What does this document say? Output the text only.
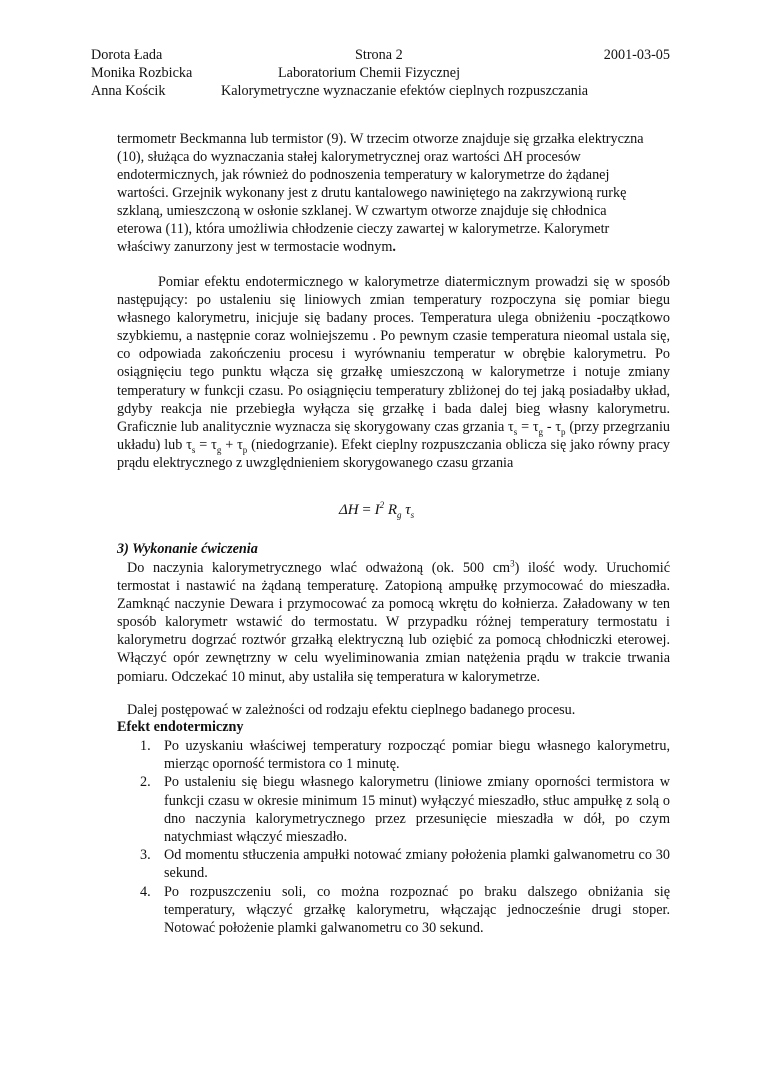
Dorota Łada	Strona 2	2001-03-05
Monika Rozbicka	Laboratorium Chemii Fizycznej
Anna Kościk	Kalorymetryczne wyznaczanie efektów cieplnych rozpuszczania

termometr Beckmanna lub termistor (9). W trzecim otworze znajduje się grzałka elektryczna
(10), służąca do wyznaczania stałej kalorymetrycznej oraz wartości ΔH procesów
endotermicznych, jak również do podnoszenia temperatury w kalorymetrze do żądanej
wartości. Grzejnik wykonany jest z drutu kantalowego nawiniętego na zakrzywioną rurkę
szklaną, umieszczoną w osłonie szklanej. W czwartym otworze znajduje się chłodnica
eterowa (11), która umożliwia chłodzenie cieczy zawartej w kalorymetrze. Kalorymetr
właściwy zanurzony jest w termostacie wodnym.

Pomiar efektu endotermicznego w kalorymetrze diatermicznym prowadzi się w sposób następujący: po ustaleniu się liniowych zmian temperatury rozpoczyna się pomiar biegu własnego kalorymetru, inicjuje się badany proces. Temperatura ulega obniżeniu -początkowo szybkiemu, a następnie coraz wolniejszemu . Po pewnym czasie temperatura nieomal ustala się, co odpowiada zakończeniu procesu i wyrównaniu temperatur w obrębie kalorymetru. Po osiągnięciu tego punktu włącza się grzałkę umieszczoną w kalorymetrze i notuje zmiany temperatury w funkcji czasu. Po osiągnięciu temperatury zbliżonej do tej jaką posiadałby układ, gdyby reakcja nie przebiegła wyłącza się grzałkę i bada dalej bieg własny kalorymetru. Graficznie lub analitycznie wyznacza się skorygowany czas grzania $\tau_s = \tau_g - \tau_p$ (przy przegrzaniu układu) lub $\tau_s = \tau_g + \tau_p$ (niedogrzanie). Efekt cieplny rozpuszczania oblicza się jako równy pracy prądu elektrycznego z uwzględnieniem skorygowanego czasu grzania

$\Delta H = I^2$ $R_g$ $\tau_s$

3) Wykonanie ćwiczenia

Do naczynia kalorymetrycznego wlać odważoną (ok. 500 $cm^3$) ilość wody. Uruchomić termostat i nastawić na żądaną temperaturę. Zatopioną ampułkę przymocować do mieszadła. Zamknąć naczynie Dewara i przymocować za pomocą wkrętu do kołnierza. Załadowany w ten sposób kalorymetr wstawić do termostatu. W przypadku różnej temperatury termostatu i kalorymetru dogrzać roztwór grzałką elektryczną lub oziębić za pomocą chłodniczki eterowej. Włączyć opór zewnętrzny w celu wyeliminowania zmian natężenia prądu w trakcie trwania pomiaru. Odczekać 10 minut, aby ustaliła się temperatura w kalorymetrze.

Dalej postępować w zależności od rodzaju efektu cieplnego badanego procesu.

Efekt endotermiczny

1. Po uzyskaniu właściwej temperatury rozpocząć pomiar biegu własnego kalorymetru, mierząc oporność termistora co 1 minutę.
2. Po ustaleniu się biegu własnego kalorymetru (liniowe zmiany oporności termistora w funkcji czasu w okresie minimum 15 minut) wyłączyć mieszadło, stłuc ampułkę z solą o dno naczynia kalorymetrycznego przez przesunięcie mieszadła w dół, po czym natychmiast włączyć mieszadło.
3. Od momentu stłuczenia ampułki notować zmiany położenia plamki galwanometru co 30 sekund.
4. Po rozpuszczeniu soli, co można rozpoznać po braku dalszego obniżania się temperatury, włączyć grzałkę kalorymetru, włączając jednocześnie drugi stoper. Notować położenie plamki galwanometru co 30 sekund.
